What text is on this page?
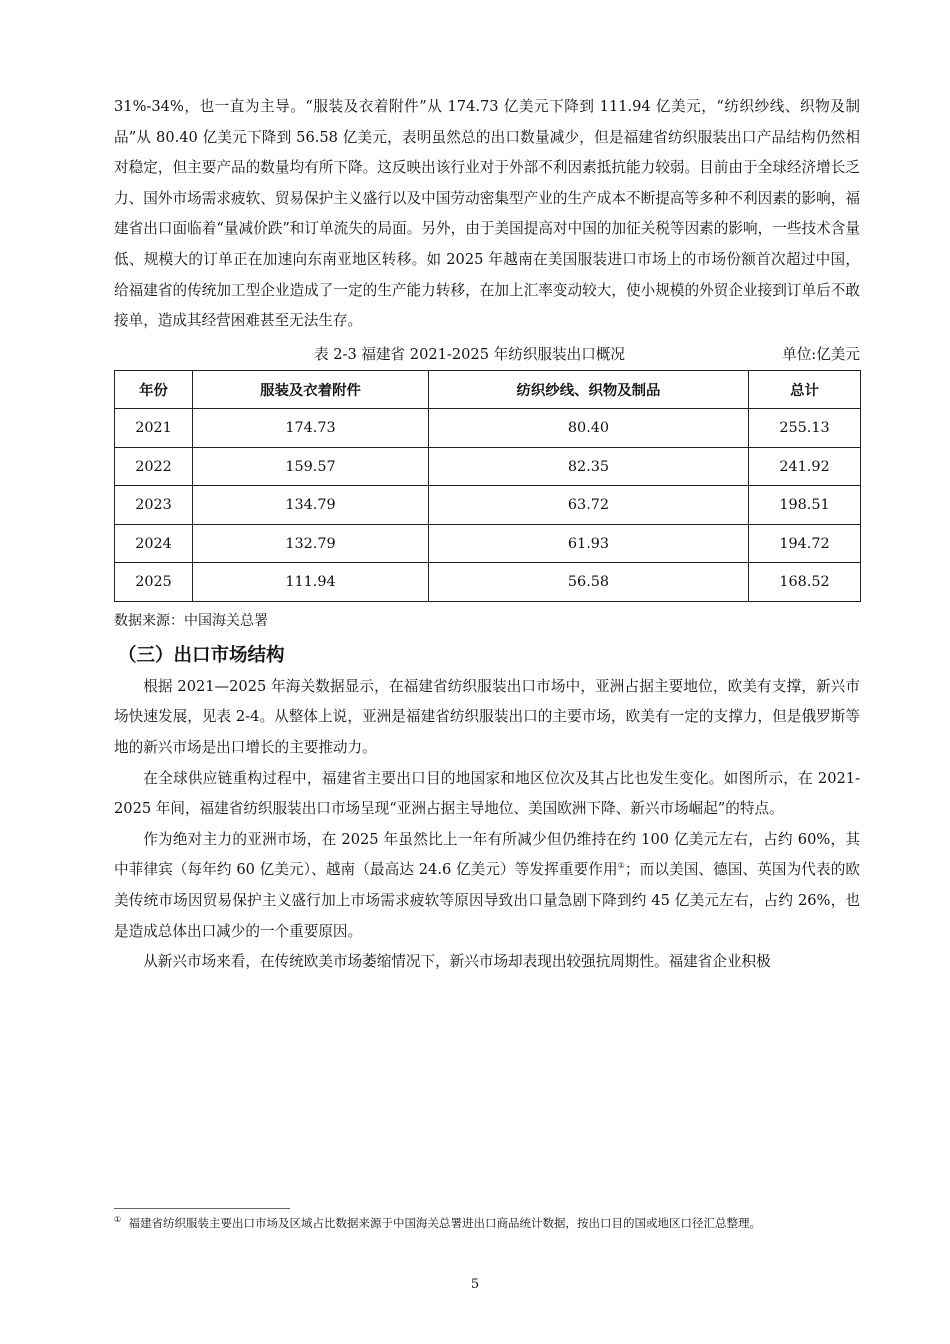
31%-34%，也一直为主导。“服装及衣着附件”从 174.73 亿美元下降到 111.94 亿美元，“纺织纱线、织物及制品”从 80.40 亿美元下降到 56.58 亿美元，表明虽然总的出口数量减少，但是福建省纺织服装出口产品结构仍然相对稳定，但主要产品的数量均有所下降。这反映出该行业对于外部不利因素抵抗能力较弱。目前由于全球经济增长乏力、国外市场需求疲软、贸易保护主义盛行以及中国劳动密集型产业的生产成本不断提高等多种不利因素的影响，福建省出口面临着“量减价跌”和订单流失的局面。另外，由于美国提高对中国的加征关税等因素的影响，一些技术含量低、规模大的订单正在加速向东南亚地区转移。如 2025 年越南在美国服装进口市场上的市场份额首次超过中国，给福建省的传统加工型企业造成了一定的生产能力转移，在加上汇率变动较大，使小规模的外贸企业接到订单后不敢接单，造成其经营困难甚至无法生存。

表 2-3 福建省 2021-2025 年纺织服装出口概况	单位:亿美元
年份	服装及衣着附件	纺织纱线、织物及制品	总计
2021	174.73	80.40	255.13
2022	159.57	82.35	241.92
2023	134.79	63.72	198.51
2024	132.79	61.93	194.72
2025	111.94	56.58	168.52

数据来源：中国海关总署

（三）出口市场结构

根据 2021—2025 年海关数据显示，在福建省纺织服装出口市场中，亚洲占据主要地位，欧美有支撑，新兴市场快速发展，见表 2-4。从整体上说，亚洲是福建省纺织服装出口的主要市场，欧美有一定的支撑力，但是俄罗斯等地的新兴市场是出口增长的主要推动力。

在全球供应链重构过程中，福建省主要出口目的地国家和地区位次及其占比也发生变化。如图所示，在 2021-2025 年间，福建省纺织服装出口市场呈现“亚洲占据主导地位、美国欧洲下降、新兴市场崛起”的特点。

作为绝对主力的亚洲市场，在 2025 年虽然比上一年有所减少但仍维持在约 100 亿美元左右，占约 60%，其中菲律宾（每年约 60 亿美元）、越南（最高达 24.6 亿美元）等发挥重要作用①；而以美国、德国、英国为代表的欧美传统市场因贸易保护主义盛行加上市场需求疲软等原因导致出口量急剧下降到约 45 亿美元左右，占约 26%，也是造成总体出口减少的一个重要原因。

从新兴市场来看，在传统欧美市场萎缩情况下，新兴市场却表现出较强抗周期性。福建省企业积极

① 福建省纺织服装主要出口市场及区域占比数据来源于中国海关总署进出口商品统计数据，按出口目的国或地区口径汇总整理。
5
